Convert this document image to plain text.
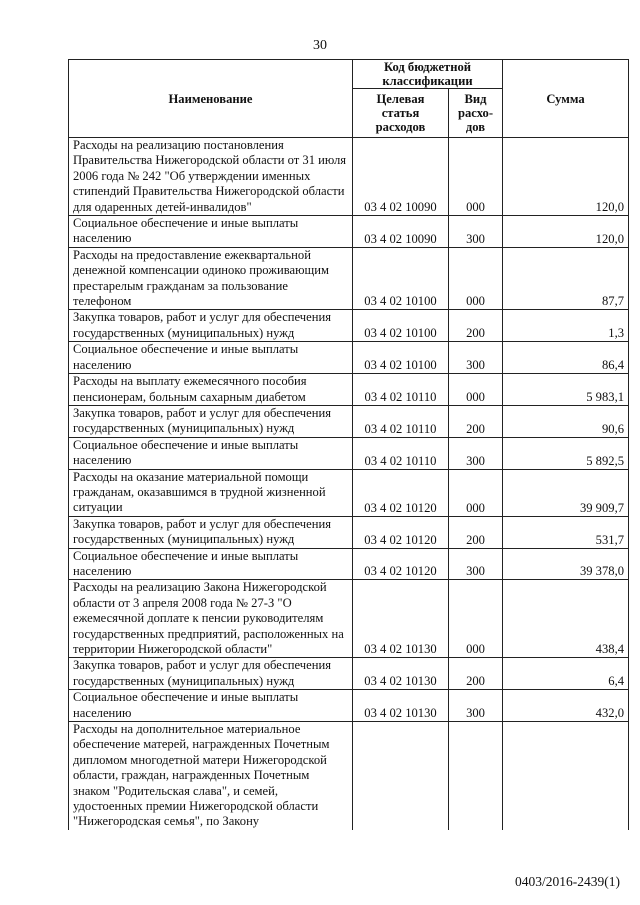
30
Наименование	Код бюджетной классификации		Сумма
	Целевая статья расходов	Вид расхо-дов	
Расходы на реализацию постановления Правительства Нижегородской области от 31 июля 2006 года № 242 "Об утверждении именных стипендий Правительства Нижегородской области для одаренных детей-инвалидов"	03 4 02 10090	000	120,0
Социальное обеспечение и иные выплаты населению	03 4 02 10090	300	120,0
Расходы на предоставление ежеквартальной денежной компенсации одиноко проживающим престарелым гражданам за пользование телефоном	03 4 02 10100	000	87,7
Закупка товаров, работ и услуг для обеспечения государственных (муниципальных) нужд	03 4 02 10100	200	1,3
Социальное обеспечение и иные выплаты населению	03 4 02 10100	300	86,4
Расходы на выплату ежемесячного пособия пенсионерам, больным сахарным диабетом	03 4 02 10110	000	5 983,1
Закупка товаров, работ и услуг для обеспечения государственных (муниципальных) нужд	03 4 02 10110	200	90,6
Социальное обеспечение и иные выплаты населению	03 4 02 10110	300	5 892,5
Расходы на оказание материальной помощи гражданам, оказавшимся в трудной жизненной ситуации	03 4 02 10120	000	39 909,7
Закупка товаров, работ и услуг для обеспечения государственных (муниципальных) нужд	03 4 02 10120	200	531,7
Социальное обеспечение и иные выплаты населению	03 4 02 10120	300	39 378,0
Расходы на реализацию Закона Нижегородской области от 3 апреля 2008 года № 27-З "О ежемесячной доплате к пенсии руководителям государственных предприятий, расположенных на территории Нижегородской области"	03 4 02 10130	000	438,4
Закупка товаров, работ и услуг для обеспечения государственных (муниципальных) нужд	03 4 02 10130	200	6,4
Социальное обеспечение и иные выплаты населению	03 4 02 10130	300	432,0
Расходы на дополнительное материальное обеспечение матерей, награжденных Почетным дипломом многодетной матери Нижегородской области, граждан, награжденных Почетным знаком "Родительская слава", и семей, удостоенных премии Нижегородской области "Нижегородская семья", по Закону			
0403/2016-2439(1)
